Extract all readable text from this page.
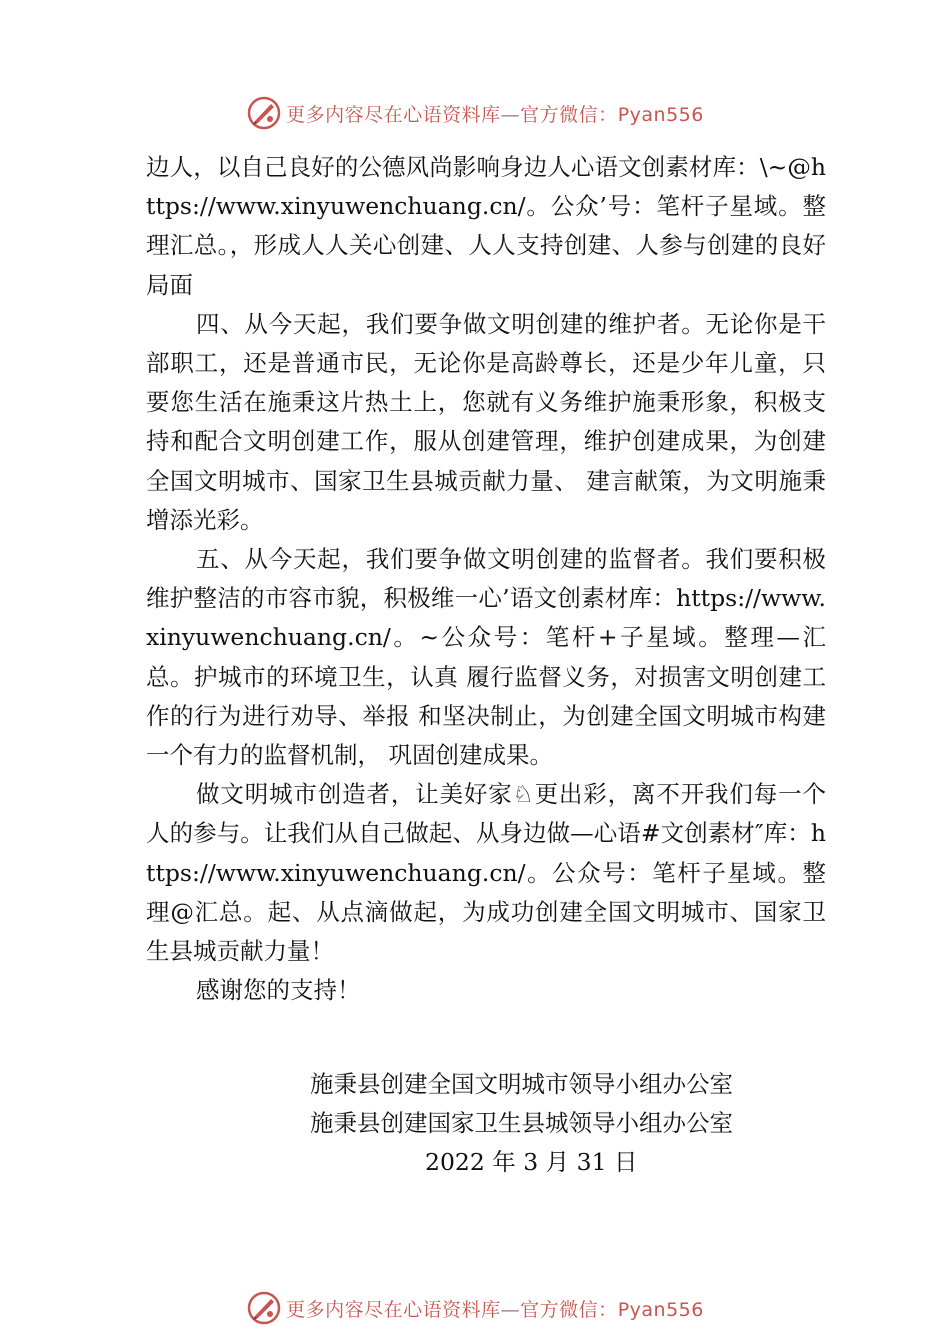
更多内容尽在心语资料库—官方微信：Pyan556

边人，以自己良好的公德风尚影响身边人心语文创素材库：\~@https://www.xinyuwenchuang.cn/。公众’号：笔杆子星域。整理汇总。，形成人人关心创建、人人支持创建、人参与创建的良好局面

四、从今天起，我们要争做文明创建的维护者。无论你是干部职工，还是普通市民，无论你是高龄尊长，还是少年儿童，只要您生活在施秉这片热土上，您就有义务维护施秉形象，积极支持和配合文明创建工作，服从创建管理，维护创建成果，为创建全国文明城市、国家卫生县城贡献力量、 建言献策，为文明施秉增添光彩。

五、从今天起，我们要争做文明创建的监督者。我们要积极维护整洁的市容市貌，积极维一心’语文创素材库：https://www.xinyuwenchuang.cn/。~公众号：笔杆+子星域。整理—汇总。护城市的环境卫生，认真 履行监督义务，对损害文明创建工作的行为进行劝导、举报 和坚决制止，为创建全国文明城市构建一个有力的监督机制， 巩固创建成果。

做文明城市创造者，让美好家♘更出彩，离不开我们每一个人的参与。让我们从自己做起、从身边做—心语#文创素材″库：https://www.xinyuwenchuang.cn/。公众号：笔杆子星域。整理@汇总。起、从点滴做起，为成功创建全国文明城市、国家卫生县城贡献力量！

感谢您的支持！

施秉县创建全国文明城市领导小组办公室
施秉县创建国家卫生县城领导小组办公室
2022 年 3 月 31 日
更多内容尽在心语资料库—官方微信：Pyan556
